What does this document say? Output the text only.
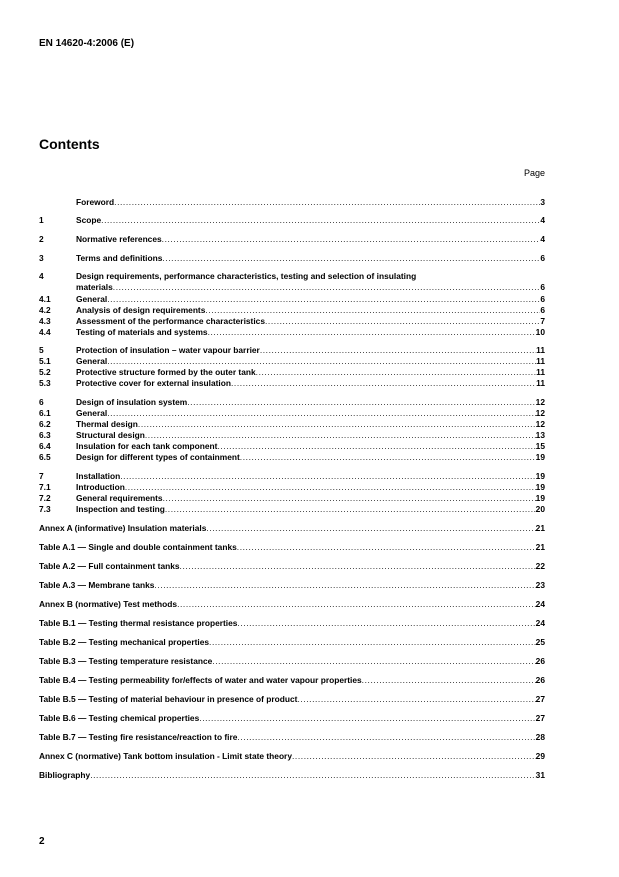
EN 14620-4:2006 (E)
Contents
Page
Foreword .....	3
1	Scope .....	4
2	Normative references .....	4
3	Terms and definitions .....	6
4	Design requirements, performance characteristics, testing and selection of insulating
materials .....	6
4.1	General .....	6
4.2	Analysis of design requirements .....	6
4.3	Assessment of the performance characteristics .....	7
4.4	Testing of materials and systems .....	10
5	Protection of insulation – water vapour barrier .....	11
5.1	General .....	11
5.2	Protective structure formed by the outer tank .....	11
5.3	Protective cover for external insulation .....	11
6	Design of insulation system .....	12
6.1	General .....	12
6.2	Thermal design .....	12
6.3	Structural design .....	13
6.4	Insulation for each tank component .....	15
6.5	Design for different types of containment .....	19
7	Installation .....	19
7.1	Introduction .....	19
7.2	General requirements .....	19
7.3	Inspection and testing .....	20
Annex A (informative) Insulation materials .....	21
Table A.1 — Single and double containment tanks .....	21
Table A.2 — Full containment tanks .....	22
Table A.3 — Membrane tanks .....	23
Annex B (normative) Test methods .....	24
Table B.1 — Testing thermal resistance properties .....	24
Table B.2 — Testing mechanical properties .....	25
Table B.3 — Testing temperature resistance .....	26
Table B.4 — Testing permeability for/effects of water and water vapour properties .....	26
Table B.5 — Testing of material behaviour in presence of product .....	27
Table B.6 — Testing chemical properties .....	27
Table B.7 — Testing fire resistance/reaction to fire .....	28
Annex C (normative) Tank bottom insulation - Limit state theory .....	29
Bibliography .....	31
2
